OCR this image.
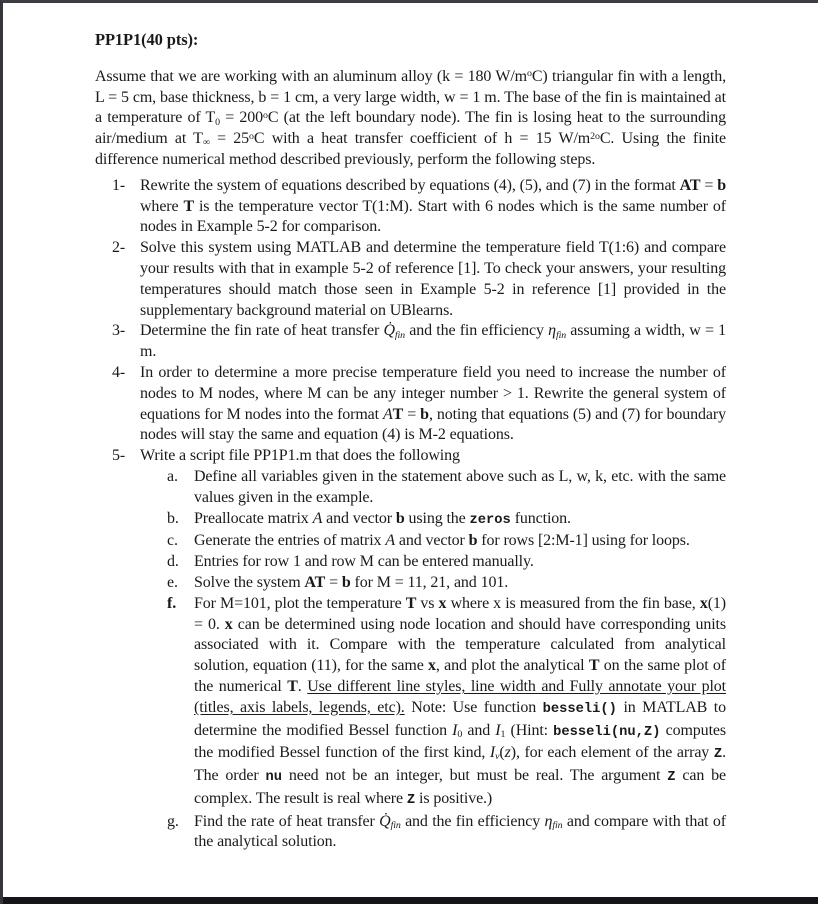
PP1P1(40 pts):

Assume that we are working with an aluminum alloy (k = 180 $W/m^oC$) triangular fin with a length, L = 5 cm, base thickness, b = 1 cm, a very large width, w = 1 m. The base of the fin is maintained at a temperature of $T_0 = 200^oC$ (at the left boundary node). The fin is losing heat to the surrounding air/medium at $T_\infty = 25^oC$ with a heat transfer coefficient of h = 15 $W/m^{2o}C$. Using the finite difference numerical method described previously, perform the following steps.

1- Rewrite the system of equations described by equations (4), (5), and (7) in the format AT = b where T is the temperature vector T(1:M). Start with 6 nodes which is the same number of nodes in Example 5-2 for comparison.
2- Solve this system using MATLAB and determine the temperature field T(1:6) and compare your results with that in example 5-2 of reference [1]. To check your answers, your resulting temperatures should match those seen in Example 5-2 in reference [1] provided in the supplementary background material on UBlearns.
3- Determine the fin rate of heat transfer $Q̇_{fin}$ and the fin efficiency $\eta_{fin}$ assuming a width, w = 1 m.
4- In order to determine a more precise temperature field you need to increase the number of nodes to M nodes, where M can be any integer number > 1. Rewrite the general system of equations for M nodes into the format AT = b, noting that equations (5) and (7) for boundary nodes will stay the same and equation (4) is M-2 equations.
5- Write a script file PP1P1.m that does the following
a.	Define all variables given in the statement above such as L, w, k, etc. with the same values given in the example.
b. Preallocate matrix A and vector b using the zeros function.
c.	Generate the entries of matrix A and vector b for rows [2:M-1] using for loops.
d. Entries for row 1 and row M can be entered manually.
e.	Solve the system AT = b for M = 11, 21, and 101.
f.	For M=101, plot the temperature T vs x where x is measured from the fin base, x(1) = 0. x can be determined using node location and should have corresponding units associated with it. Compare with the temperature calculated from analytical solution, equation (11), for the same x, and plot the analytical T on the same plot of the numerical T. Use different line styles, line width and Fully annotate your plot (titles, axis labels, legends, etc). Note: Use function besseli() in MATLAB to determine the modified Bessel function $I_0$ and $I_1$ (Hint: besseli(nu,Z) computes the modified Bessel function of the first kind, $I_v(z)$, for each element of the array Z. The order nu need not be an integer, but must be real. The argument Z can be complex. The result is real where Z is positive.)
g. Find the rate of heat transfer $Q̇_{fin}$ and the fin efficiency $\eta_{fin}$ and compare with that of the analytical solution.
